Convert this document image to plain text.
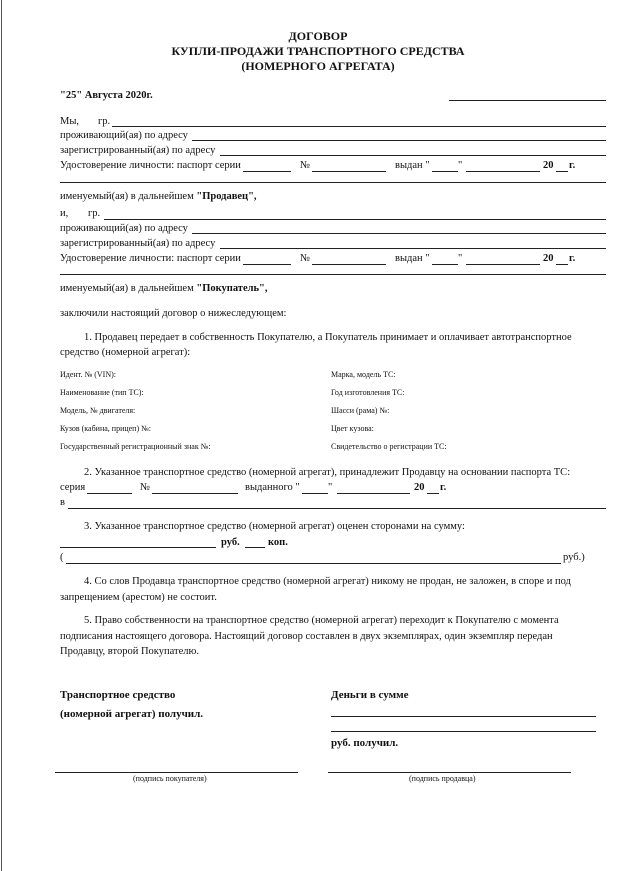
ДОГОВОР
КУПЛИ-ПРОДАЖИ ТРАНСПОРТНОГО СРЕДСТВА
(НОМЕРНОГО АГРЕГАТА)
"25" Августа 2020г.
Мы, гр.
проживающий(ая) по адресу
зарегистрированный(ая) по адресу
Удостоверение личности: паспорт серии	№	выдан "	"	20 г.
именуемый(ая) в дальнейшем "Продавец",
и, гр.
проживающий(ая) по адресу
зарегистрированный(ая) по адресу
Удостоверение личности: паспорт серии	№	выдан "	"	20 г.
именуемый(ая) в дальнейшем "Покупатель",
заключили настоящий договор о нижеследующем:
1. Продавец передает в собственность Покупателю, а Покупатель принимает и оплачивает автотранспортное
средство (номерной агрегат):
Идент. № (VIN):	Марка, модель ТС:
Наименование (тип ТС):	Год изготовления ТС:
Модель, № двигателя:	Шасси (рама) №:
Кузов (кабина, прицеп) №:	Цвет кузова:
Государственный регистрационный знак №:	Свидетельство о регистрации ТС:
2. Указанное транспортное средство (номерной агрегат), принадлежит Продавцу на основании паспорта ТС:
серия	№	выданного "	"	20 г.
в
3. Указанное транспортное средство (номерной агрегат) оценен сторонами на сумму:
руб.	коп.
(	руб.)
4. Со слов Продавца транспортное средство (номерной агрегат) никому не продан, не заложен, в споре и под
запрещением (арестом) не состоит.
5. Право собственности на транспортное средство (номерной агрегат) переходит к Покупателю с момента
подписания настоящего договора. Настоящий договор составлен в двух экземплярах, один экземпляр передан
Продавцу, второй Покупателю.
Транспортное средство
(номерной агрегат) получил.
Деньги в сумме
руб. получил.
(подпись покупателя)	(подпись продавца)
